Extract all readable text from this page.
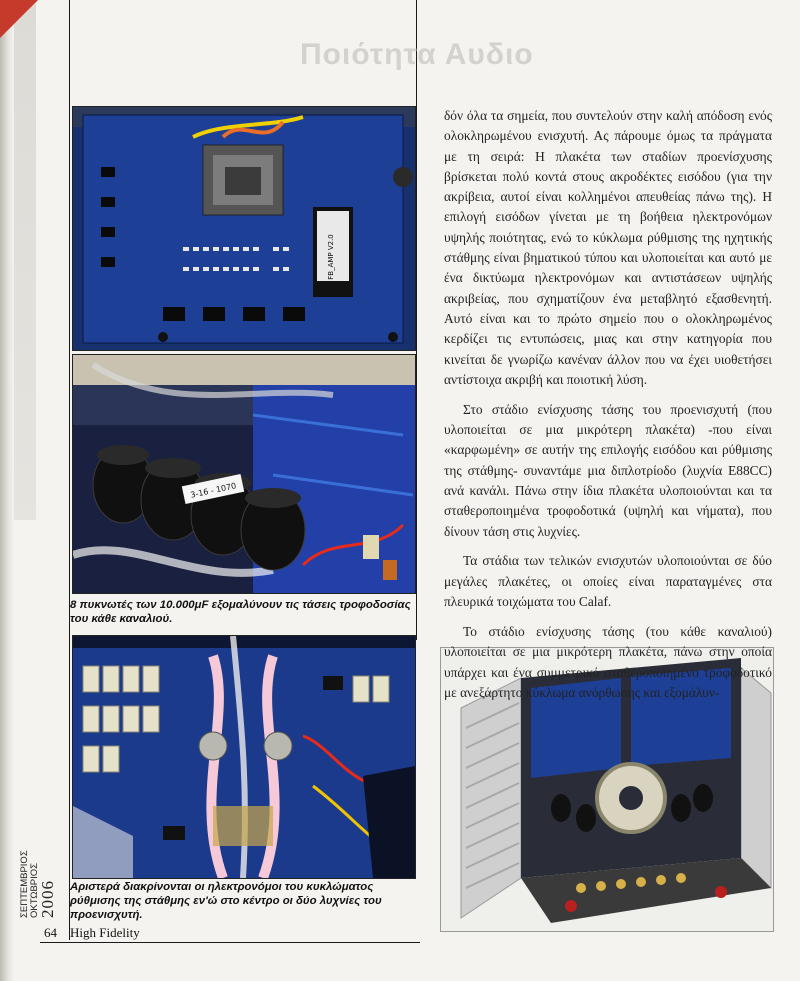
Ποιότητα Αυδιο
FB_AMP V2.0
3-16 - 1070

8 πυκνωτές των 10.000μF εξομαλύνουν τις τάσεις τροφοδοσίας του κάθε καναλιού.

Αριστερά διακρίνονται οι ηλεκτρονόμοι του κυκλώματος ρύθμισης της στάθμης εν'ώ στο κέντρο οι δύο λυχνίες του προενισχυτή.

δόν όλα τα σημεία, που συντελούν στην καλή απόδοση ενός ολοκληρωμένου ενισχυτή. Ας πάρουμε όμως τα πράγματα με τη σειρά: Η πλακέτα των σταδίων προενίσχυσης βρίσκεται πολύ κοντά στους ακροδέκτες εισόδου (για την ακρίβεια, αυτοί είναι κολλημένοι απευθείας πάνω της). Η επιλογή εισόδων γίνεται με τη βοήθεια ηλεκτρονόμων υψηλής ποιότητας, ενώ το κύκλωμα ρύθμισης της ηχητικής στάθμης είναι βηματικού τύπου και υλοποιείται και αυτό με ένα δικτύωμα ηλεκτρονόμων και αντιστάσεων υψηλής ακριβείας, που σχηματίζουν ένα μεταβλητό εξασθενητή. Αυτό είναι και το πρώτο σημείο που ο ολοκληρωμένος κερδίζει τις εντυπώσεις, μιας και στην κατηγορία που κινείται δε γνωρίζω κανέναν άλλον που να έχει υιοθετήσει αντίστοιχα ακριβή και ποιοτική λύση.

Στο στάδιο ενίσχυσης τάσης του προενισχυτή (που υλοποιείται σε μια μικρότερη πλακέτα) -που είναι «καρφωμένη» σε αυτήν της επιλογής εισόδου και ρύθμισης της στάθμης- συναντάμε μια διπλοτρίοδο (λυχνία E88CC) ανά κανάλι. Πάνω στην ίδια πλακέτα υλοποιούνται και τα σταθεροποιημένα τροφοδοτικά (υψηλή και νήματα), που δίνουν τάση στις λυχνίες.

Τα στάδια των τελικών ενισχυτών υλοποιούνται σε δύο μεγάλες πλακέτες, οι οποίες είναι παραταγμένες στα πλευρικά τοιχώματα του Calaf.

Το στάδιο ενίσχυσης τάσης (του κάθε καναλιού) υλοποιείται σε μια μικρότερη πλακέτα, πάνω στην οποία υπάρχει και ένα συμμετρικό σταθεροποιημένο τροφοδοτικό με ανεξάρτητο κύκλωμα ανόρθωσης και εξομάλυν-

ΣΕΠΤΕΜΒΡΙΟΣ ΟΚΤΩΒΡΙΟΣ
2006
64 High Fidelity
